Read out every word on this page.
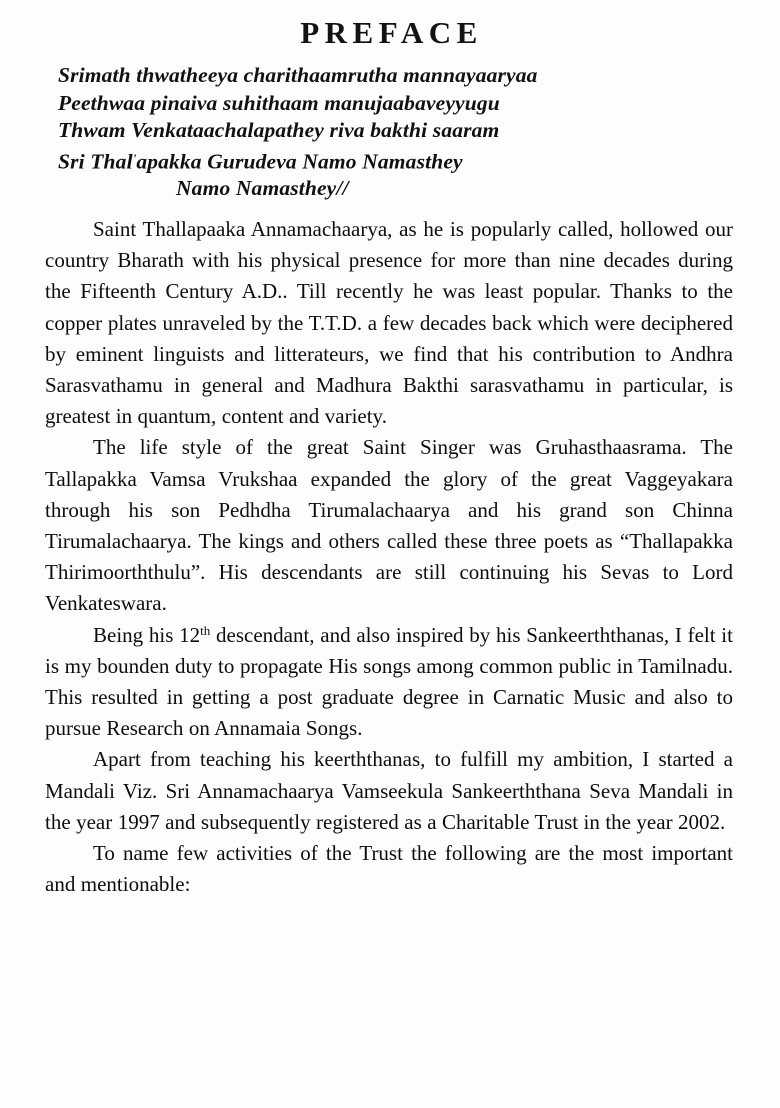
PREFACE
Srimath thwatheeya charithaamrutha mannayaaryaa
Peethwaa pinaiva suhithaam manujaabaveyyugu
Thwam Venkataachalapathey riva bakthi saaram
Sri Thal'apakka Gurudeva Namo Namasthey
Namo Namasthey//

Saint Thallapaaka Annamachaarya, as he is popularly called, hollowed our country Bharath with his physical presence for more than nine decades during the Fifteenth Century A.D.. Till recently he was least popular. Thanks to the copper plates unraveled by the T.T.D. a few decades back which were deciphered by eminent linguists and litterateurs, we find that his contribution to Andhra Sarasvathamu in general and Madhura Bakthi sarasvathamu in particular, is greatest in quantum, content and variety.

The life style of the great Saint Singer was Gruhasthaasrama. The Tallapakka Vamsa Vrukshaa expanded the glory of the great Vaggeyakara through his son Pedhdha Tirumalachaarya and his grand son Chinna Tirumalachaarya. The kings and others called these three poets as “Thallapakka Thirimoorththulu”. His descendants are still continuing his Sevas to Lord Venkateswara.

Being his 12th descendant, and also inspired by his Sankeerththanas, I felt it is my bounden duty to propagate His songs among common public in Tamilnadu. This resulted in getting a post graduate degree in Carnatic Music and also to pursue Research on Annamaia Songs.

Apart from teaching his keerththanas, to fulfill my ambition, I started a Mandali Viz. Sri Annamachaarya Vamseekula Sankeerththana Seva Mandali in the year 1997 and subsequently registered as a Charitable Trust in the year 2002.

To name few activities of the Trust the following are the most important and mentionable:
